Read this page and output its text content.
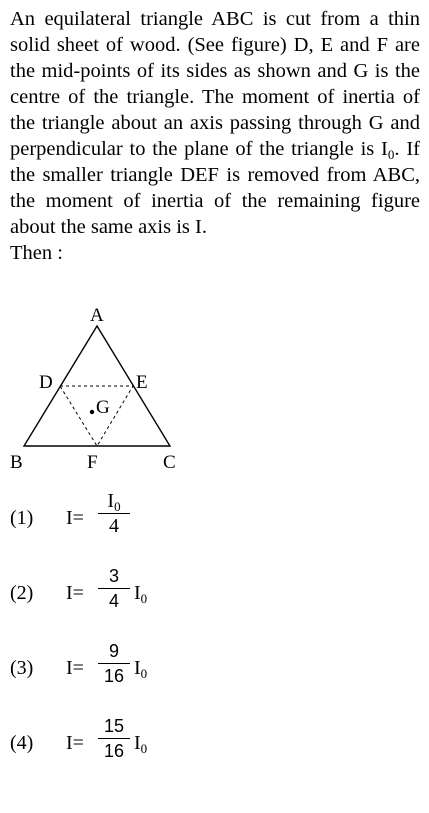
An equilateral triangle ABC is cut from a thin solid sheet of wood. (See figure) D, E and F are the mid-points of its sides as shown and G is the centre of the triangle. The moment of inertia of the triangle about an axis passing through G and perpendicular to the plane of the triangle is $I_0$. If the smaller triangle DEF is removed from ABC, the moment of inertia of the remaining figure about the same axis is I.
Then :
A
D	E
G
B	F	C
(1) I=
$I_0$
4
(2) I=
3
4 $I_0$
(3) I=
9
16 $I_0$
(4) I=
15
16 $I_0$
